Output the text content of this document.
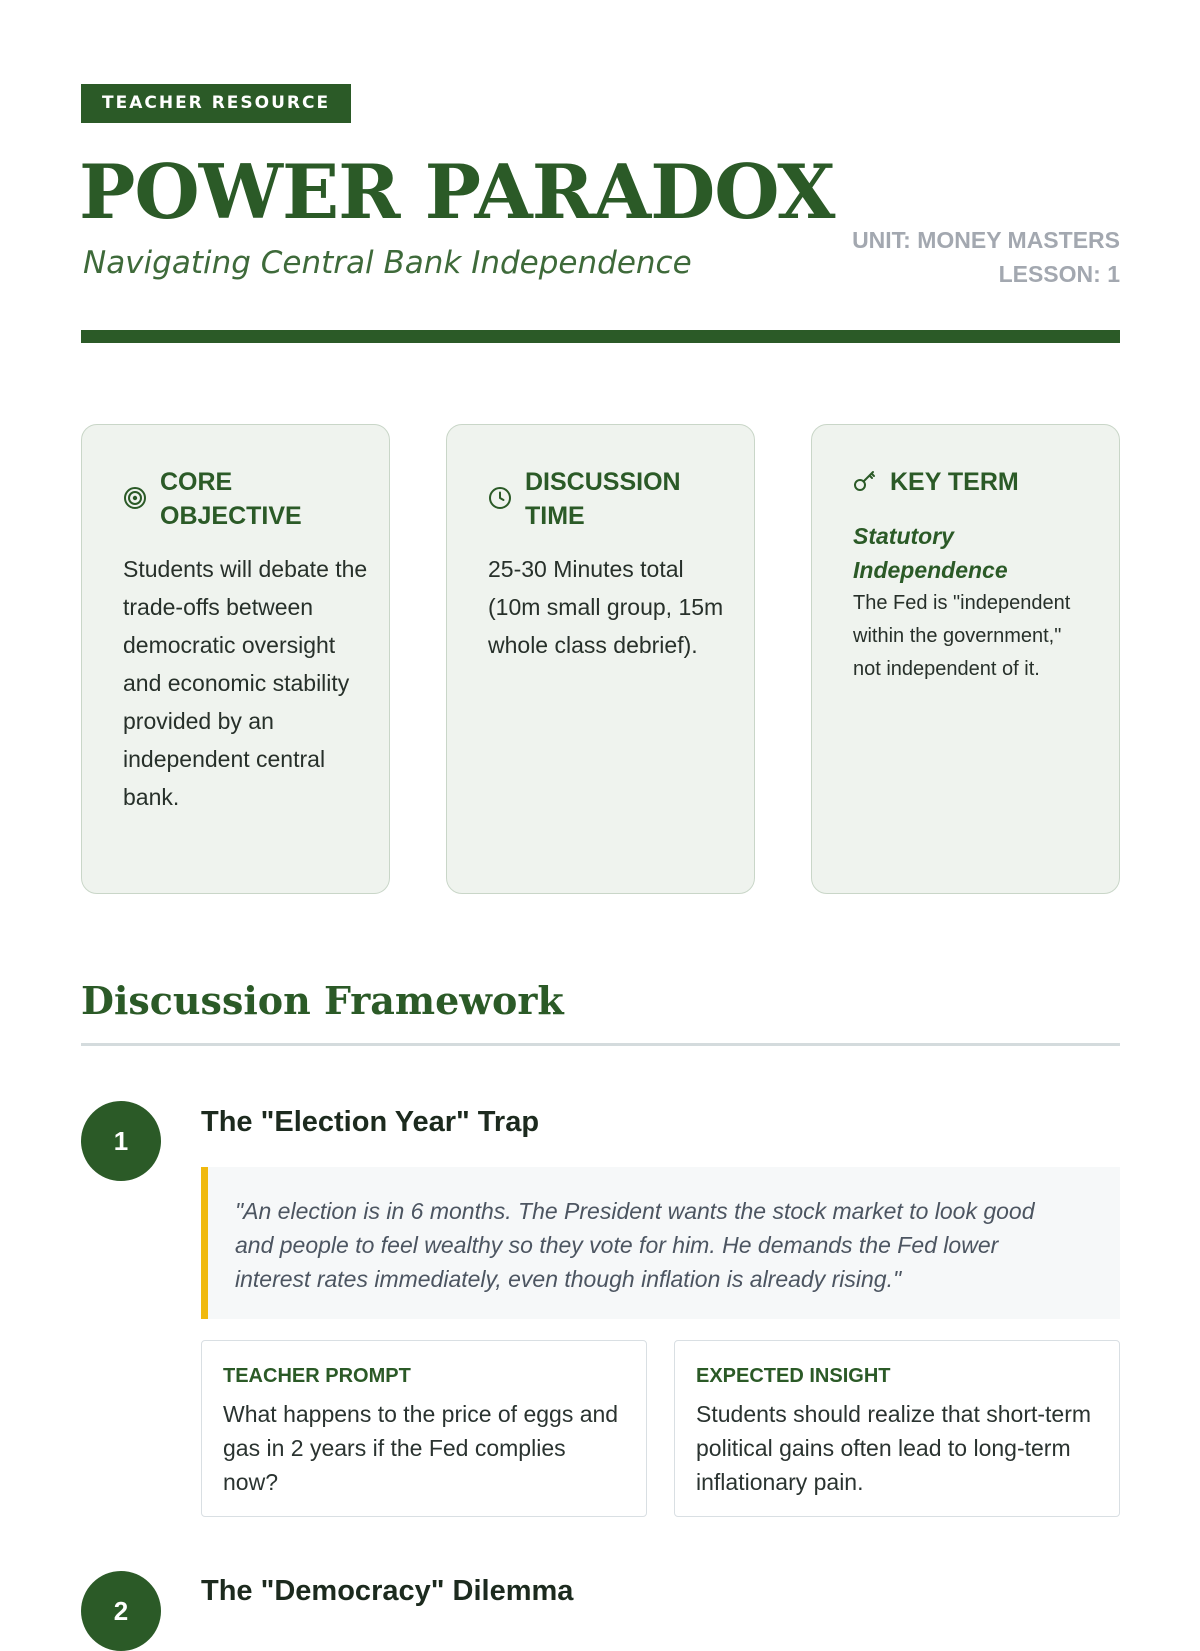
TEACHER RESOURCE
POWER PARADOX
Navigating Central Bank Independence
UNIT: MONEY MASTERS
LESSON: 1
CORE OBJECTIVE
Students will debate the trade-offs between democratic oversight and economic stability provided by an independent central bank.
DISCUSSION TIME
25-30 Minutes total (10m small group, 15m whole class debrief).
KEY TERM
Statutory Independence
The Fed is "independent within the government," not independent of it.
Discussion Framework
1
The "Election Year" Trap
"An election is in 6 months. The President wants the stock market to look good and people to feel wealthy so they vote for him. He demands the Fed lower interest rates immediately, even though inflation is already rising."
TEACHER PROMPT
What happens to the price of eggs and gas in 2 years if the Fed complies now?
EXPECTED INSIGHT
Students should realize that short-term political gains often lead to long-term inflationary pain.
2
The "Democracy" Dilemma
